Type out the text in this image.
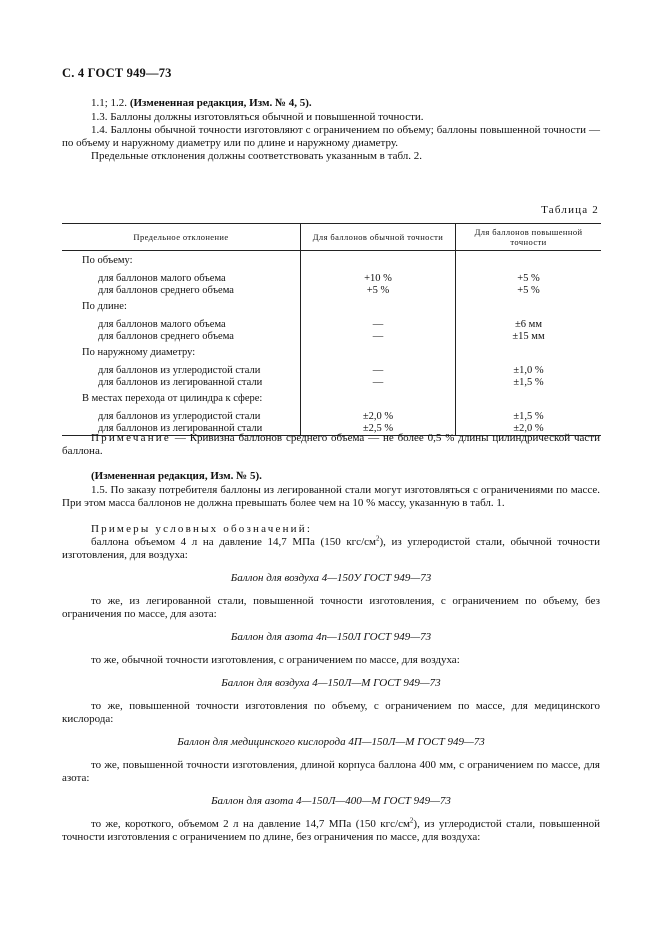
С. 4 ГОСТ 949—73

1.1; 1.2. (Измененная редакция, Изм. № 4, 5).

1.3. Баллоны должны изготовляться обычной и повышенной точности.

1.4. Баллоны обычной точности изготовляют с ограничением по объему; баллоны повышенной точности — по объему и наружному диаметру или по длине и наружному диаметру.

Предельные отклонения должны соответствовать указанным в табл. 2.

Таблица 2
Предельное отклонение	Для баллонов обычной точности	Для баллонов повышенной точности
По объему:		

для баллонов малого объема	+10 %	+5 %
для баллонов среднего объема	+5 %	+5 %
По длине:		

для баллонов малого объема	—	±6 мм
для баллонов среднего объема	—	±15 мм
По наружному диаметру:		

для баллонов из углеродистой стали	—	±1,0 %
для баллонов из легированной стали	—	±1,5 %
В местах перехода от цилиндра к сфере:		

для баллонов из углеродистой стали	±2,0 %	±1,5 %
для баллонов из легированной стали	±2,5 %	±2,0 %

Примечание — Кривизна баллонов среднего объема — не более 0,5 % длины цилиндрической части баллона.

(Измененная редакция, Изм. № 5).

1.5. По заказу потребителя баллоны из легированной стали могут изготовляться с ограничениями по массе. При этом масса баллонов не должна превышать более чем на 10 % массу, указанную в табл. 1.

Примеры условных обозначений:

баллона объемом 4 л на давление 14,7 МПа (150 кгс/$см^2$), из углеродистой стали, обычной точности изготовления, для воздуха:

Баллон для воздуха 4—150У ГОСТ 949—73

то же, из легированной стали, повышенной точности изготовления, с ограничением по объему, без ограничения по массе, для азота:

Баллон для азота 4п—150Л ГОСТ 949—73

то же, обычной точности изготовления, с ограничением по массе, для воздуха:

Баллон для воздуха 4—150Л—М ГОСТ 949—73

то же, повышенной точности изготовления по объему, с ограничением по массе, для медицинского кислорода:

Баллон для медицинского кислорода 4П—150Л—М ГОСТ 949—73

то же, повышенной точности изготовления, длиной корпуса баллона 400 мм, с ограничением по массе, для азота:

Баллон для азота 4—150Л—400—М ГОСТ 949—73

то же, короткого, объемом 2 л на давление 14,7 МПа (150 кгс/$см^2$), из углеродистой стали, повышенной точности изготовления с ограничением по длине, без ограничения по массе, для воздуха:
